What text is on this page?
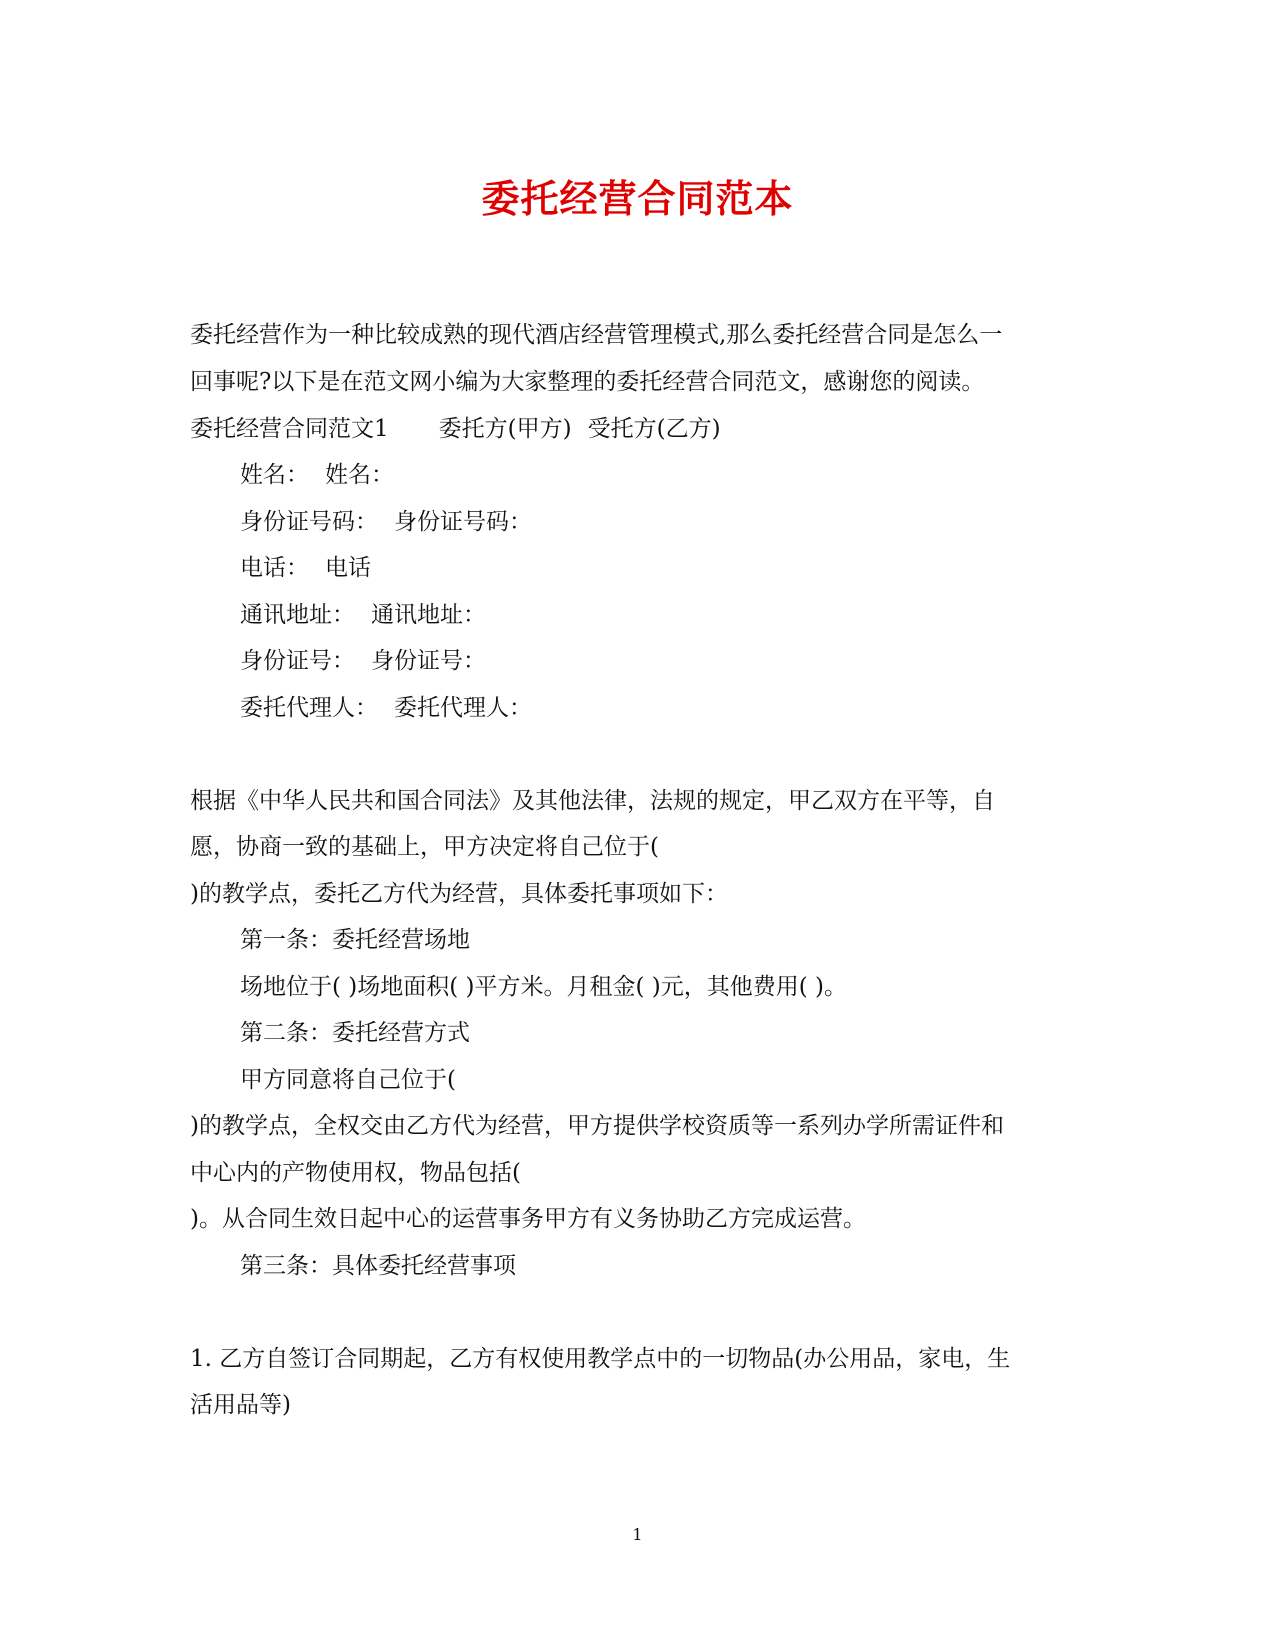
委托经营合同范本
委托经营作为一种比较成熟的现代酒店经营管理模式,那么委托经营合同是怎么一
回事呢?以下是在范文网小编为大家整理的委托经营合同范文，感谢您的阅读。
委托经营合同范文1 委托方(甲方) 受托方(乙方)
姓名： 姓名：
身份证号码： 身份证号码：
电话： 电话
通讯地址： 通讯地址：
身份证号： 身份证号：
委托代理人： 委托代理人：
根据《中华人民共和国合同法》及其他法律，法规的规定，甲乙双方在平等，自
愿，协商一致的基础上，甲方决定将自己位于(
)的教学点，委托乙方代为经营，具体委托事项如下：
第一条：委托经营场地
场地位于( )场地面积( )平方米。月租金( )元，其他费用( )。
第二条：委托经营方式
甲方同意将自己位于(
)的教学点，全权交由乙方代为经营，甲方提供学校资质等一系列办学所需证件和
中心内的产物使用权，物品包括(
)。从合同生效日起中心的运营事务甲方有义务协助乙方完成运营。
第三条：具体委托经营事项
1. 乙方自签订合同期起，乙方有权使用教学点中的一切物品(办公用品，家电，生
活用品等)
1
